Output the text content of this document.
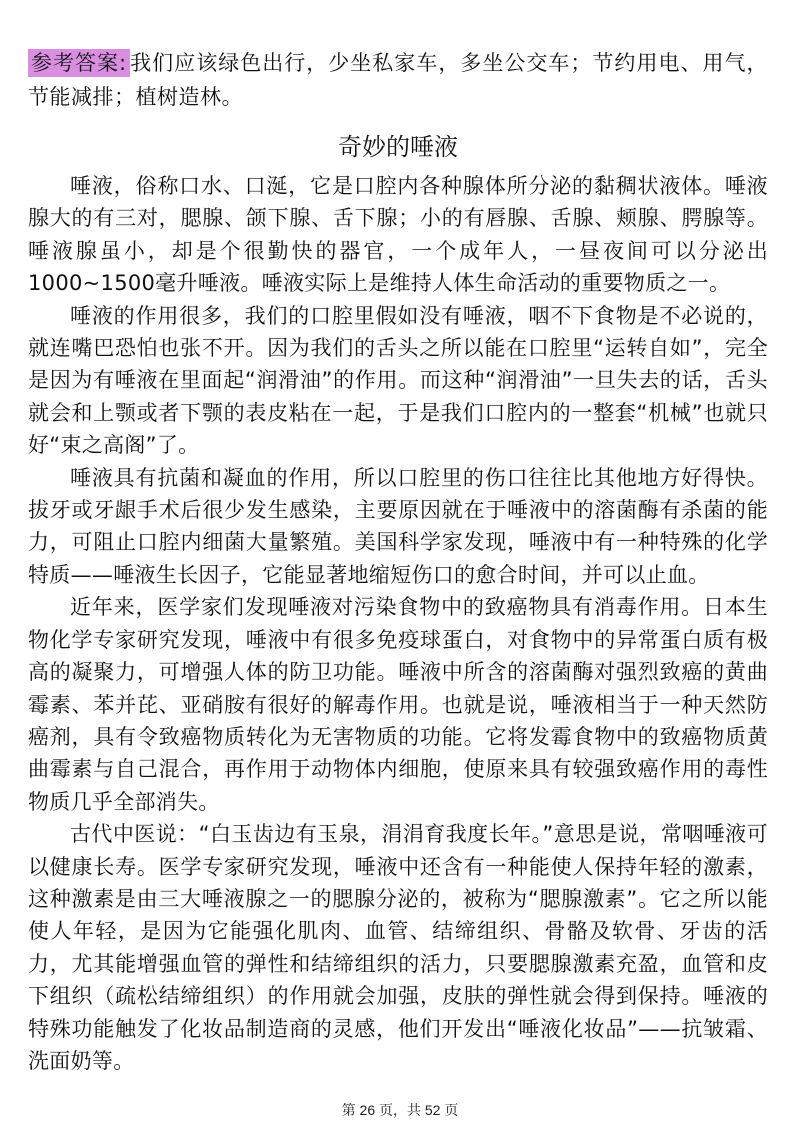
参考答案: 我们应该绿色出行，少坐私家车，多坐公交车；节约用电、用气，节能减排；植树造林。

奇妙的唾液

唾液，俗称口水、口涎，它是口腔内各种腺体所分泌的黏稠状液体。唾液腺大的有三对，腮腺、颌下腺、舌下腺；小的有唇腺、舌腺、颊腺、腭腺等。唾液腺虽小，却是个很勤快的器官，一个成年人，一昼夜间可以分泌出1000~1500毫升唾液。唾液实际上是维持人体生命活动的重要物质之一。

唾液的作用很多，我们的口腔里假如没有唾液，咽不下食物是不必说的，就连嘴巴恐怕也张不开。因为我们的舌头之所以能在口腔里“运转自如”，完全是因为有唾液在里面起“润滑油”的作用。而这种“润滑油”一旦失去的话，舌头就会和上颚或者下颚的表皮粘在一起，于是我们口腔内的一整套“机械”也就只好“束之高阁”了。

唾液具有抗菌和凝血的作用，所以口腔里的伤口往往比其他地方好得快。拔牙或牙龈手术后很少发生感染，主要原因就在于唾液中的溶菌酶有杀菌的能力，可阻止口腔内细菌大量繁殖。美国科学家发现，唾液中有一种特殊的化学特质——唾液生长因子，它能显著地缩短伤口的愈合时间，并可以止血。

近年来，医学家们发现唾液对污染食物中的致癌物具有消毒作用。日本生物化学专家研究发现，唾液中有很多免疫球蛋白，对食物中的异常蛋白质有极高的凝聚力，可增强人体的防卫功能。唾液中所含的溶菌酶对强烈致癌的黄曲霉素、苯并芘、亚硝胺有很好的解毒作用。也就是说，唾液相当于一种天然防癌剂，具有令致癌物质转化为无害物质的功能。它将发霉食物中的致癌物质黄曲霉素与自己混合，再作用于动物体内细胞，使原来具有较强致癌作用的毒性物质几乎全部消失。

古代中医说：“白玉齿边有玉泉，涓涓育我度长年。”意思是说，常咽唾液可以健康长寿。医学专家研究发现，唾液中还含有一种能使人保持年轻的激素，这种激素是由三大唾液腺之一的腮腺分泌的，被称为“腮腺激素”。它之所以能使人年轻，是因为它能强化肌肉、血管、结缔组织、骨骼及软骨、牙齿的活力，尤其能增强血管的弹性和结缔组织的活力，只要腮腺激素充盈，血管和皮下组织（疏松结缔组织）的作用就会加强，皮肤的弹性就会得到保持。唾液的特殊功能触发了化妆品制造商的灵感，他们开发出“唾液化妆品”——抗皱霜、洗面奶等。

第 26 页，共 52 页
